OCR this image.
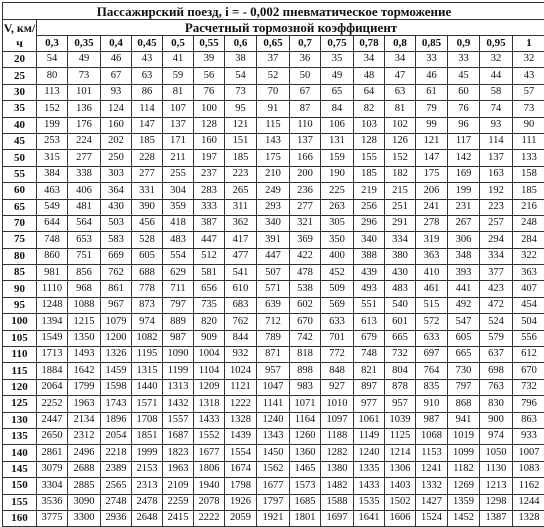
Пассажирский поезд, i = - 0,002 пневматическое торможение																
V, км/ч	Расчетный тормозной коэффициент															
	0,3	0,35	0,4	0,45	0,5	0,55	0,6	0,65	0,7	0,75	0,78	0,8	0,85	0,9	0,95	1
20	54	49	46	43	41	39	38	37	36	35	34	34	33	33	32	32
25	80	73	67	63	59	56	54	52	50	49	48	47	46	45	44	43
30	113	101	93	86	81	76	73	70	67	65	64	63	61	60	58	57
35	152	136	124	114	107	100	95	91	87	84	82	81	79	76	74	73
40	199	176	160	147	137	128	121	115	110	106	103	102	99	96	93	90
45	253	224	202	185	171	160	151	143	137	131	128	126	121	117	114	111
50	315	277	250	228	211	197	185	175	166	159	155	152	147	142	137	133
55	384	338	303	277	255	237	223	210	200	190	185	182	175	169	163	158
60	463	406	364	331	304	283	265	249	236	225	219	215	206	199	192	185
65	549	481	430	390	359	333	311	293	277	263	256	251	241	231	223	216
70	644	564	503	456	418	387	362	340	321	305	296	291	278	267	257	248
75	748	653	583	528	483	447	417	391	369	350	340	334	319	306	294	284
80	860	751	669	605	554	512	477	447	422	400	388	380	363	348	334	322
85	981	856	762	688	629	581	541	507	478	452	439	430	410	393	377	363
90	1110	968	861	778	711	656	610	571	538	509	493	483	461	441	423	407
95	1248	1088	967	873	797	735	683	639	602	569	551	540	515	492	472	454
100	1394	1215	1079	974	889	820	762	712	670	633	613	601	572	547	524	504
105	1549	1350	1200	1082	987	909	844	789	742	701	679	665	633	605	579	556
110	1713	1493	1326	1195	1090	1004	932	871	818	772	748	732	697	665	637	612
115	1884	1642	1459	1315	1199	1104	1024	957	898	848	821	804	764	730	698	670
120	2064	1799	1598	1440	1313	1209	1121	1047	983	927	897	878	835	797	763	732
125	2252	1963	1743	1571	1432	1318	1222	1141	1071	1010	977	957	910	868	830	796
130	2447	2134	1896	1708	1557	1433	1328	1240	1164	1097	1061	1039	987	941	900	863
135	2650	2312	2054	1851	1687	1552	1439	1343	1260	1188	1149	1125	1068	1019	974	933
140	2861	2496	2218	1999	1823	1677	1554	1450	1360	1282	1240	1214	1153	1099	1050	1007
145	3079	2688	2389	2153	1963	1806	1674	1562	1465	1380	1335	1306	1241	1182	1130	1083
150	3304	2885	2565	2313	2109	1940	1798	1677	1573	1482	1433	1403	1332	1269	1213	1162
155	3536	3090	2748	2478	2259	2078	1926	1797	1685	1588	1535	1502	1427	1359	1298	1244
160	3775	3300	2936	2648	2415	2222	2059	1921	1801	1697	1641	1606	1524	1452	1387	1328
